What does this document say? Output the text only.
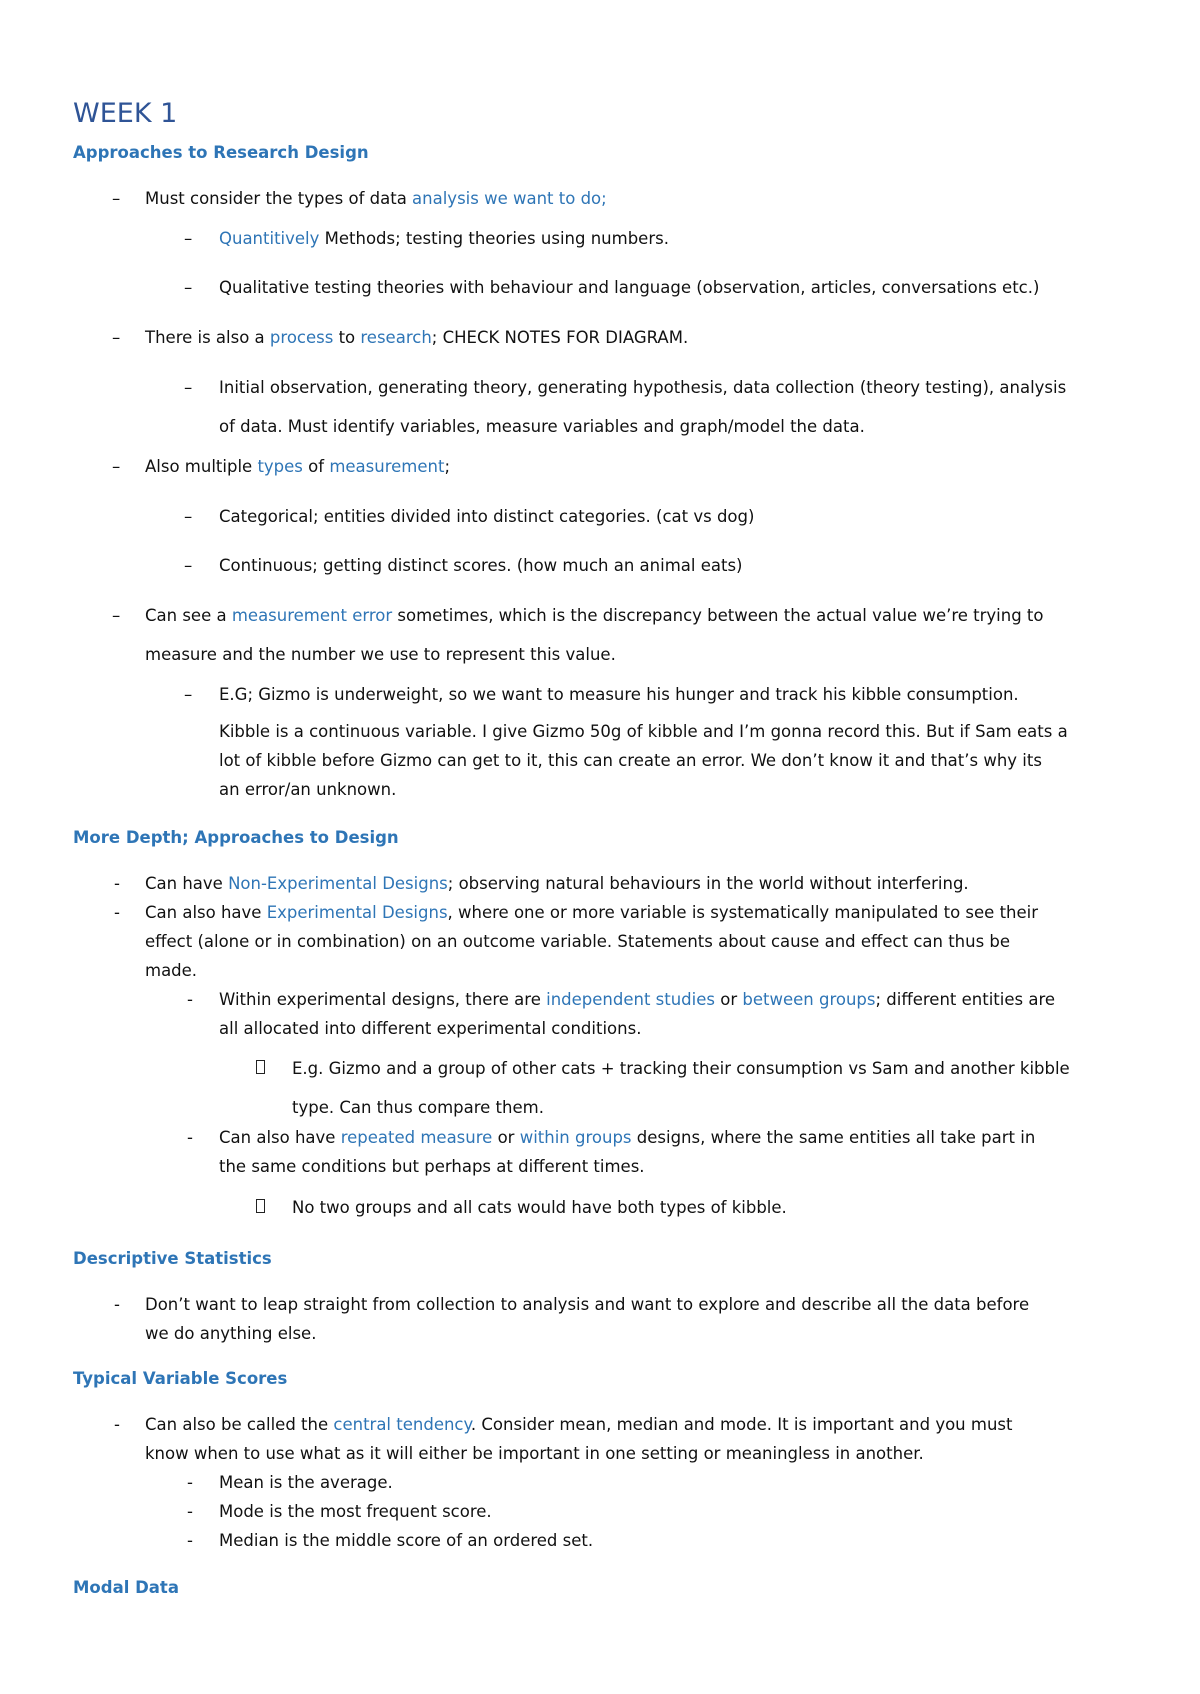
WEEK 1
Approaches to Research Design
– Must consider the types of data analysis we want to do;
– Quantitively Methods; testing theories using numbers.
– Qualitative testing theories with behaviour and language (observation, articles, conversations etc.)
– There is also a process to research; CHECK NOTES FOR DIAGRAM.
– Initial observation, generating theory, generating hypothesis, data collection (theory testing), analysis
of data. Must identify variables, measure variables and graph/model the data.
– Also multiple types of measurement;
– Categorical; entities divided into distinct categories. (cat vs dog)
– Continuous; getting distinct scores. (how much an animal eats)
– Can see a measurement error sometimes, which is the discrepancy between the actual value we’re trying to
measure and the number we use to represent this value.
– E.G; Gizmo is underweight, so we want to measure his hunger and track his kibble consumption.
Kibble is a continuous variable. I give Gizmo 50g of kibble and I’m gonna record this. But if Sam eats a
lot of kibble before Gizmo can get to it, this can create an error. We don’t know it and that’s why its
an error/an unknown.
More Depth; Approaches to Design
- Can have Non-Experimental Designs; observing natural behaviours in the world without interfering.
- Can also have Experimental Designs, where one or more variable is systematically manipulated to see their
effect (alone or in combination) on an outcome variable. Statements about cause and effect can thus be
made.
- Within experimental designs, there are independent studies or between groups; different entities are
all allocated into different experimental conditions.
E.g. Gizmo and a group of other cats + tracking their consumption vs Sam and another kibble
type. Can thus compare them.
- Can also have repeated measure or within groups designs, where the same entities all take part in
the same conditions but perhaps at different times.
No two groups and all cats would have both types of kibble.
Descriptive Statistics
- Don’t want to leap straight from collection to analysis and want to explore and describe all the data before
we do anything else.
Typical Variable Scores
- Can also be called the central tendency. Consider mean, median and mode. It is important and you must
know when to use what as it will either be important in one setting or meaningless in another.
- Mean is the average.
- Mode is the most frequent score.
- Median is the middle score of an ordered set.
Modal Data
